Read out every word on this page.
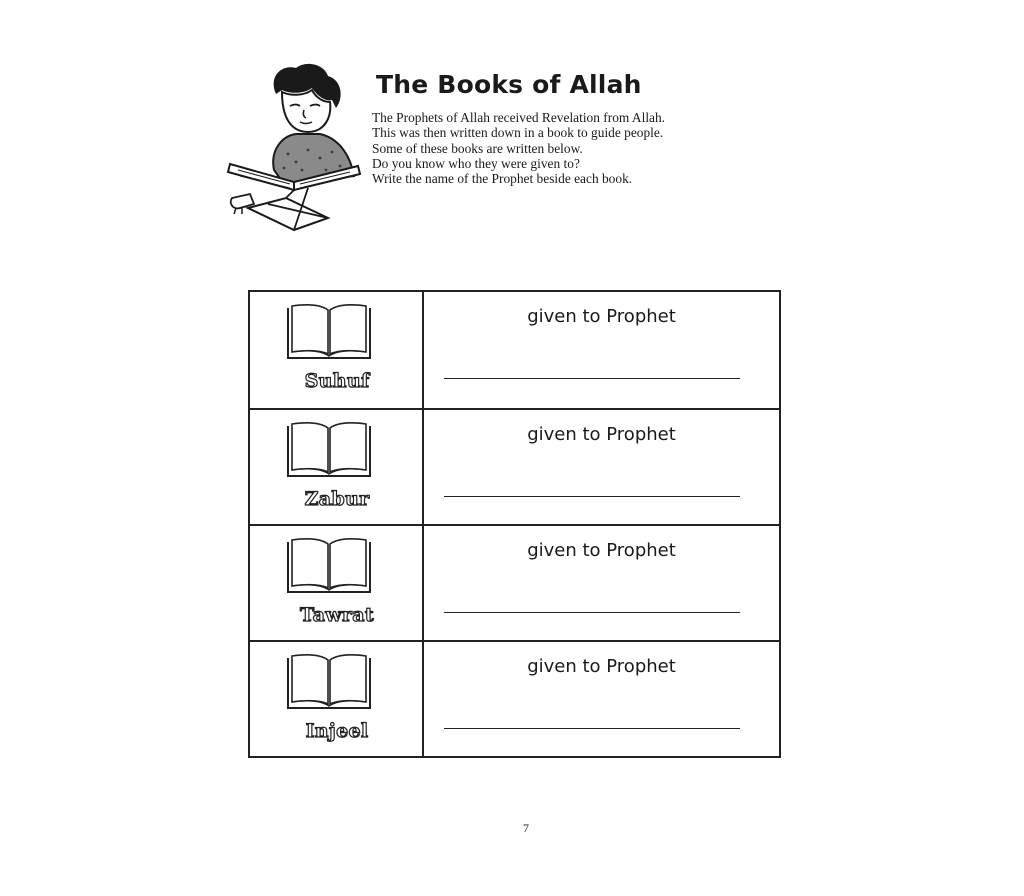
The Books of Allah
The Prophets of Allah received Revelation from Allah.
This was then written down in a book to guide people.
Some of these books are written below.
Do you know who they were given to?
Write the name of the Prophet beside each book.
Suhuf
given to Prophet
Zabur
given to Prophet
Tawrat
given to Prophet
Injeel
given to Prophet
7
